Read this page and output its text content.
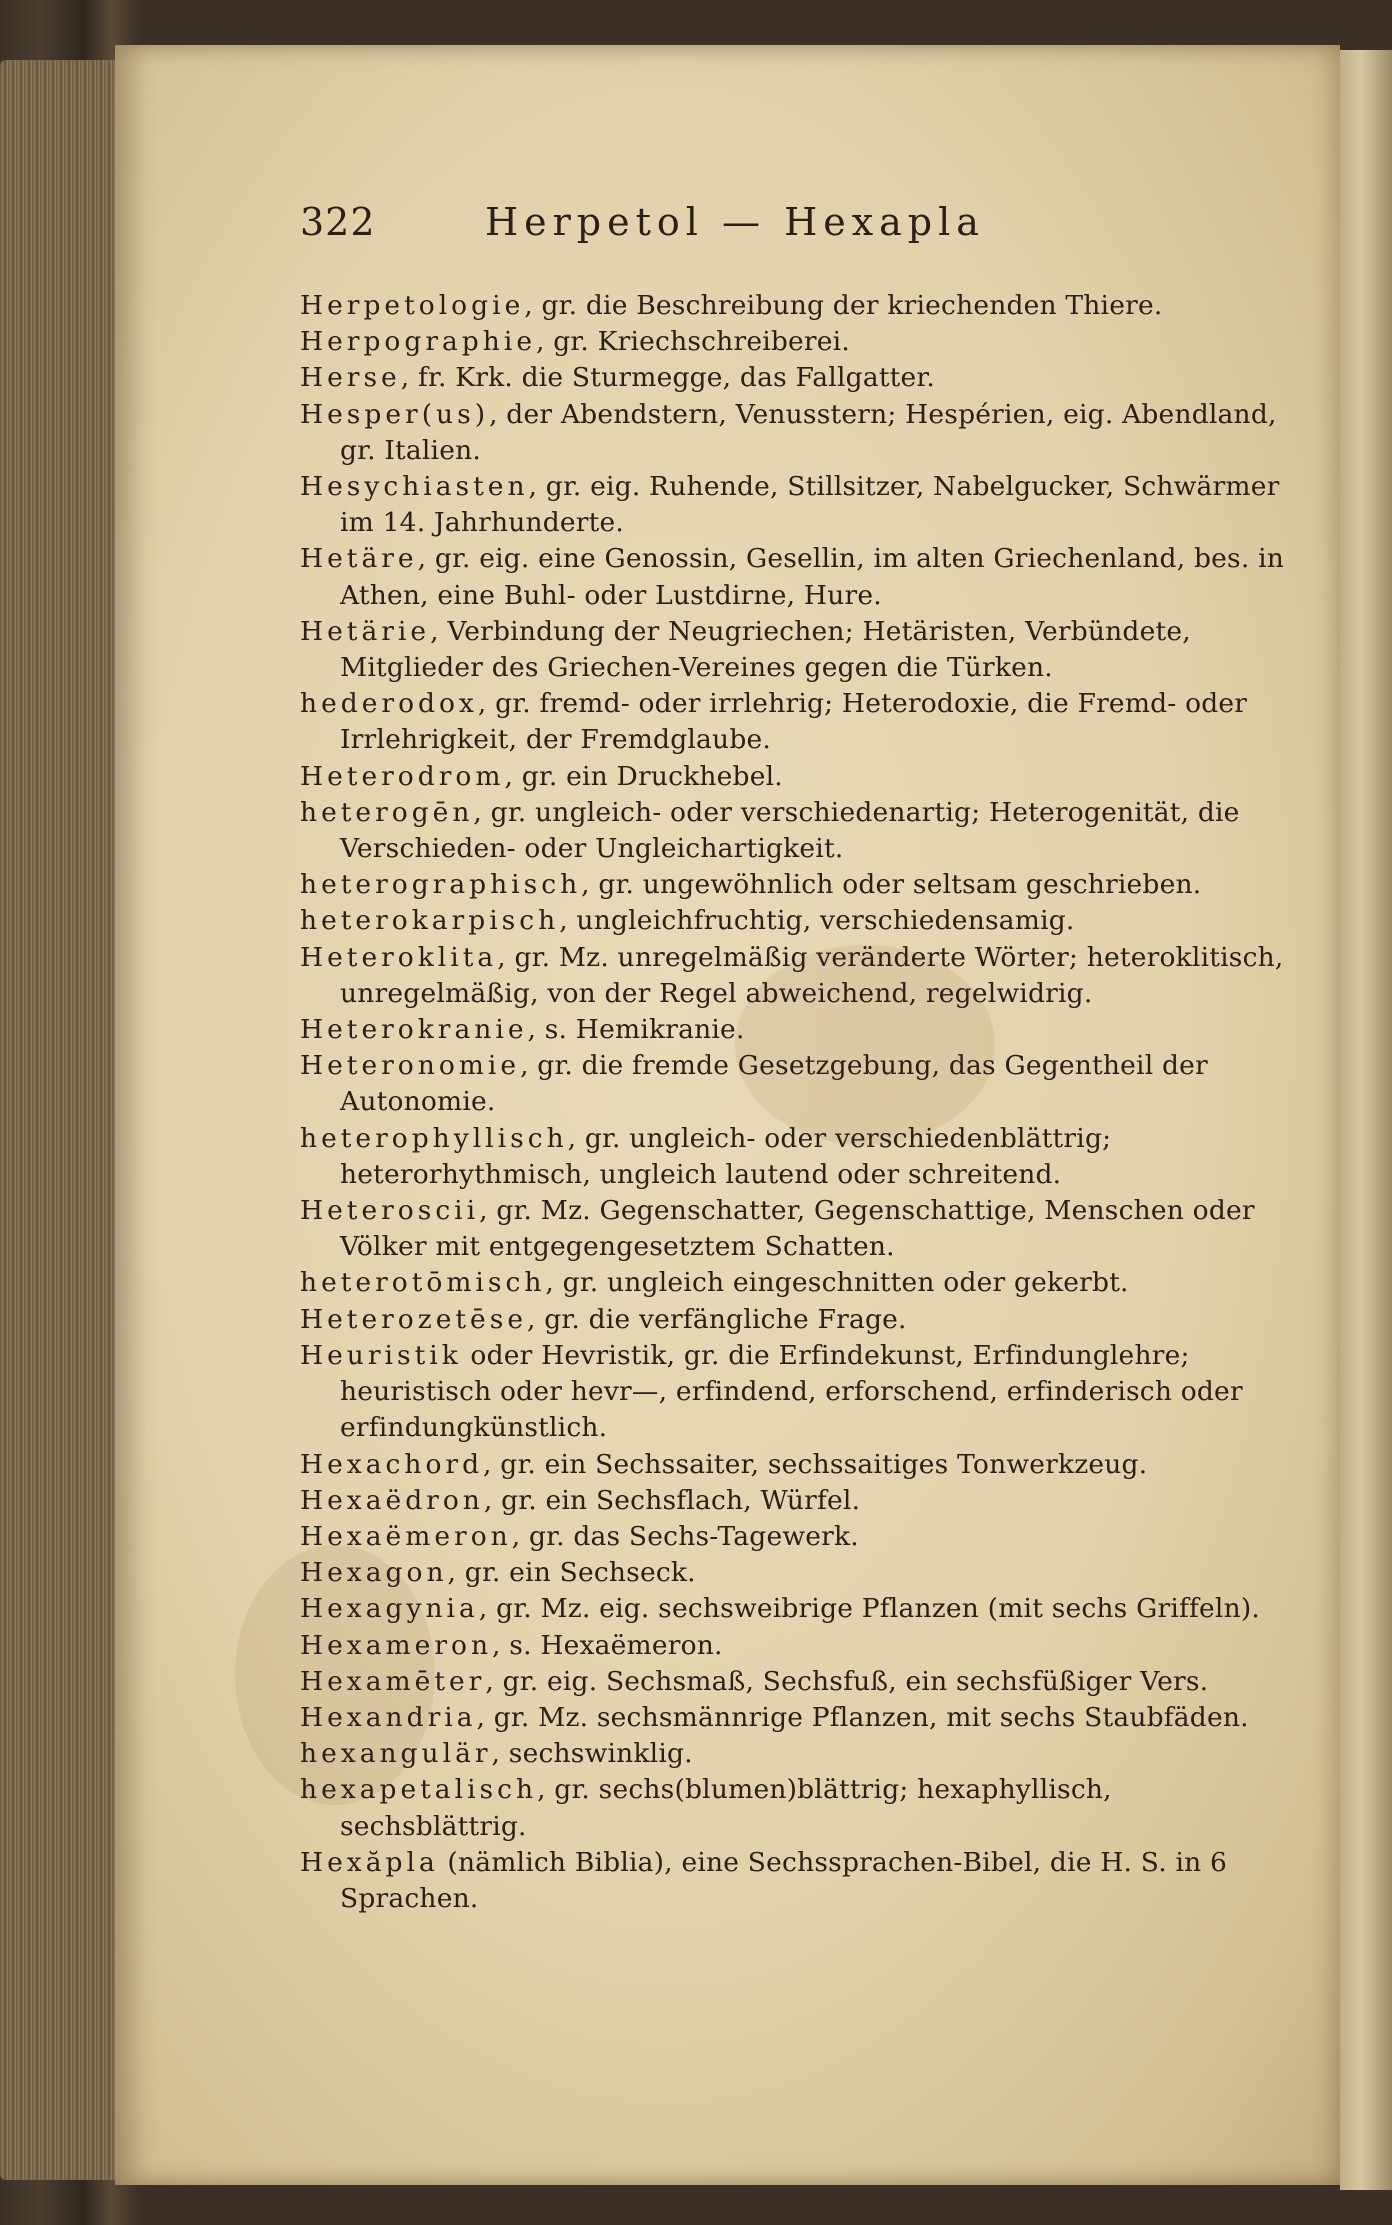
322	Herpetol — Hexapla
Herpetologie, gr. die Beschreibung der kriechenden Thiere.
Herpographie, gr. Kriechschreiberei.
Herse, fr. Krk. die Sturmegge, das Fallgatter.
Hesper(us), der Abendstern, Venusstern; Hespérien, eig. Abendland, gr. Italien.
Hesychiasten, gr. eig. Ruhende, Stillsitzer, Nabelgucker, Schwärmer im 14. Jahrhunderte.
Hetäre, gr. eig. eine Genossin, Gesellin, im alten Griechenland, bes. in Athen, eine Buhl- oder Lustdirne, Hure.
Hetärie, Verbindung der Neugriechen; Hetäristen, Verbündete, Mitglieder des Griechen-Vereines gegen die Türken.
hederodox, gr. fremd- oder irrlehrig; Heterodoxie, die Fremd- oder Irrlehrigkeit, der Fremdglaube.
Heterodrom, gr. ein Druckhebel.
heterogēn, gr. ungleich- oder verschiedenartig; Heterogenität, die Verschieden- oder Ungleichartigkeit.
heterographisch, gr. ungewöhnlich oder seltsam geschrieben.
heterokarpisch, ungleichfruchtig, verschiedensamig.
Heteroklita, gr. Mz. unregelmäßig veränderte Wörter; heteroklitisch, unregelmäßig, von der Regel abweichend, regelwidrig.
Heterokranie, s. Hemikranie.
Heteronomie, gr. die fremde Gesetzgebung, das Gegentheil der Autonomie.
heterophyllisch, gr. ungleich- oder verschiedenblättrig; heterorhythmisch, ungleich lautend oder schreitend.
Heteroscii, gr. Mz. Gegenschatter, Gegenschattige, Menschen oder Völker mit entgegengesetztem Schatten.
heterotōmisch, gr. ungleich eingeschnitten oder gekerbt.
Heterozetēse, gr. die verfängliche Frage.
Heuristik oder Hevristik, gr. die Erfindekunst, Erfindunglehre; heuristisch oder hevr—, erfindend, erforschend, erfinderisch oder erfindungkünstlich.
Hexachord, gr. ein Sechssaiter, sechssaitiges Tonwerkzeug.
Hexaëdron, gr. ein Sechsflach, Würfel.
Hexaëmeron, gr. das Sechs-Tagewerk.
Hexagon, gr. ein Sechseck.
Hexagynia, gr. Mz. eig. sechsweibrige Pflanzen (mit sechs Griffeln).
Hexameron, s. Hexaëmeron.
Hexamēter, gr. eig. Sechsmaß, Sechsfuß, ein sechsfüßiger Vers.
Hexandria, gr. Mz. sechsmännrige Pflanzen, mit sechs Staubfäden.
hexangulär, sechswinklig.
hexapetalisch, gr. sechs(blumen)blättrig; hexaphyllisch, sechsblättrig.
Hexăpla (nämlich Biblia), eine Sechssprachen-Bibel, die H. S. in 6 Sprachen.
